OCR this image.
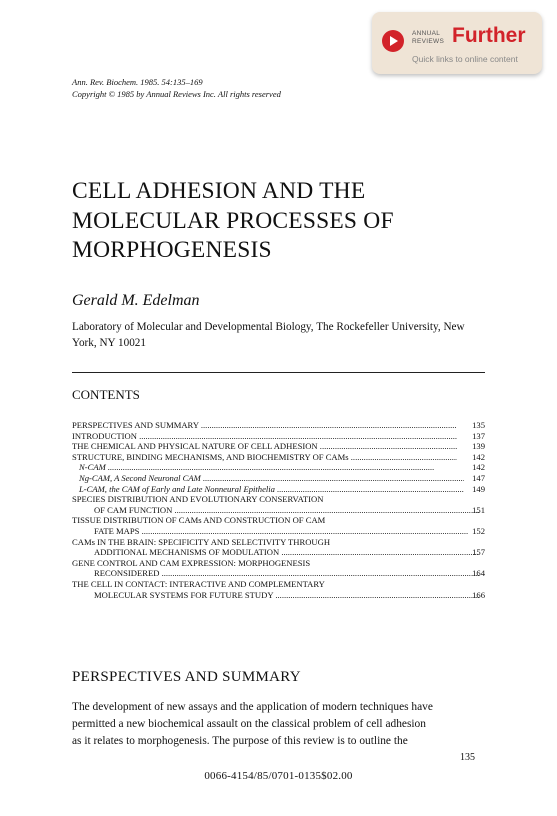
ANNUAL
REVIEWS Further
Quick links to online content
Ann. Rev. Biochem. 1985. 54:135–169
Copyright © 1985 by Annual Reviews Inc. All rights reserved
CELL ADHESION AND THE
MOLECULAR PROCESSES OF
MORPHOGENESIS
Gerald M. Edelman
Laboratory of Molecular and Developmental Biology, The Rockefeller University, New
York, NY 10021
CONTENTS
PERSPECTIVES AND SUMMARY .....	135
INTRODUCTION .....	137
THE CHEMICAL AND PHYSICAL NATURE OF CELL ADHESION .....	139
STRUCTURE, BINDING MECHANISMS, AND BIOCHEMISTRY OF CAMs .....	142
N-CAM .....	142
Ng-CAM, A Second Neuronal CAM .....	147
L-CAM, the CAM of Early and Late Nonneural Epithelia .....	149
SPECIES DISTRIBUTION AND EVOLUTIONARY CONSERVATION
OF CAM FUNCTION .....	151
TISSUE DISTRIBUTION OF CAMs AND CONSTRUCTION OF CAM
FATE MAPS .....	152
CAMs IN THE BRAIN: SPECIFICITY AND SELECTIVITY THROUGH
ADDITIONAL MECHANISMS OF MODULATION .....	157
GENE CONTROL AND CAM EXPRESSION: MORPHOGENESIS
RECONSIDERED .....	164
THE CELL IN CONTACT: INTERACTIVE AND COMPLEMENTARY
MOLECULAR SYSTEMS FOR FUTURE STUDY .....	166
PERSPECTIVES AND SUMMARY
The development of new assays and the application of modern techniques have
permitted a new biochemical assault on the classical problem of cell adhesion
as it relates to morphogenesis. The purpose of this review is to outline the
135
0066-4154/85/0701-0135$02.00
